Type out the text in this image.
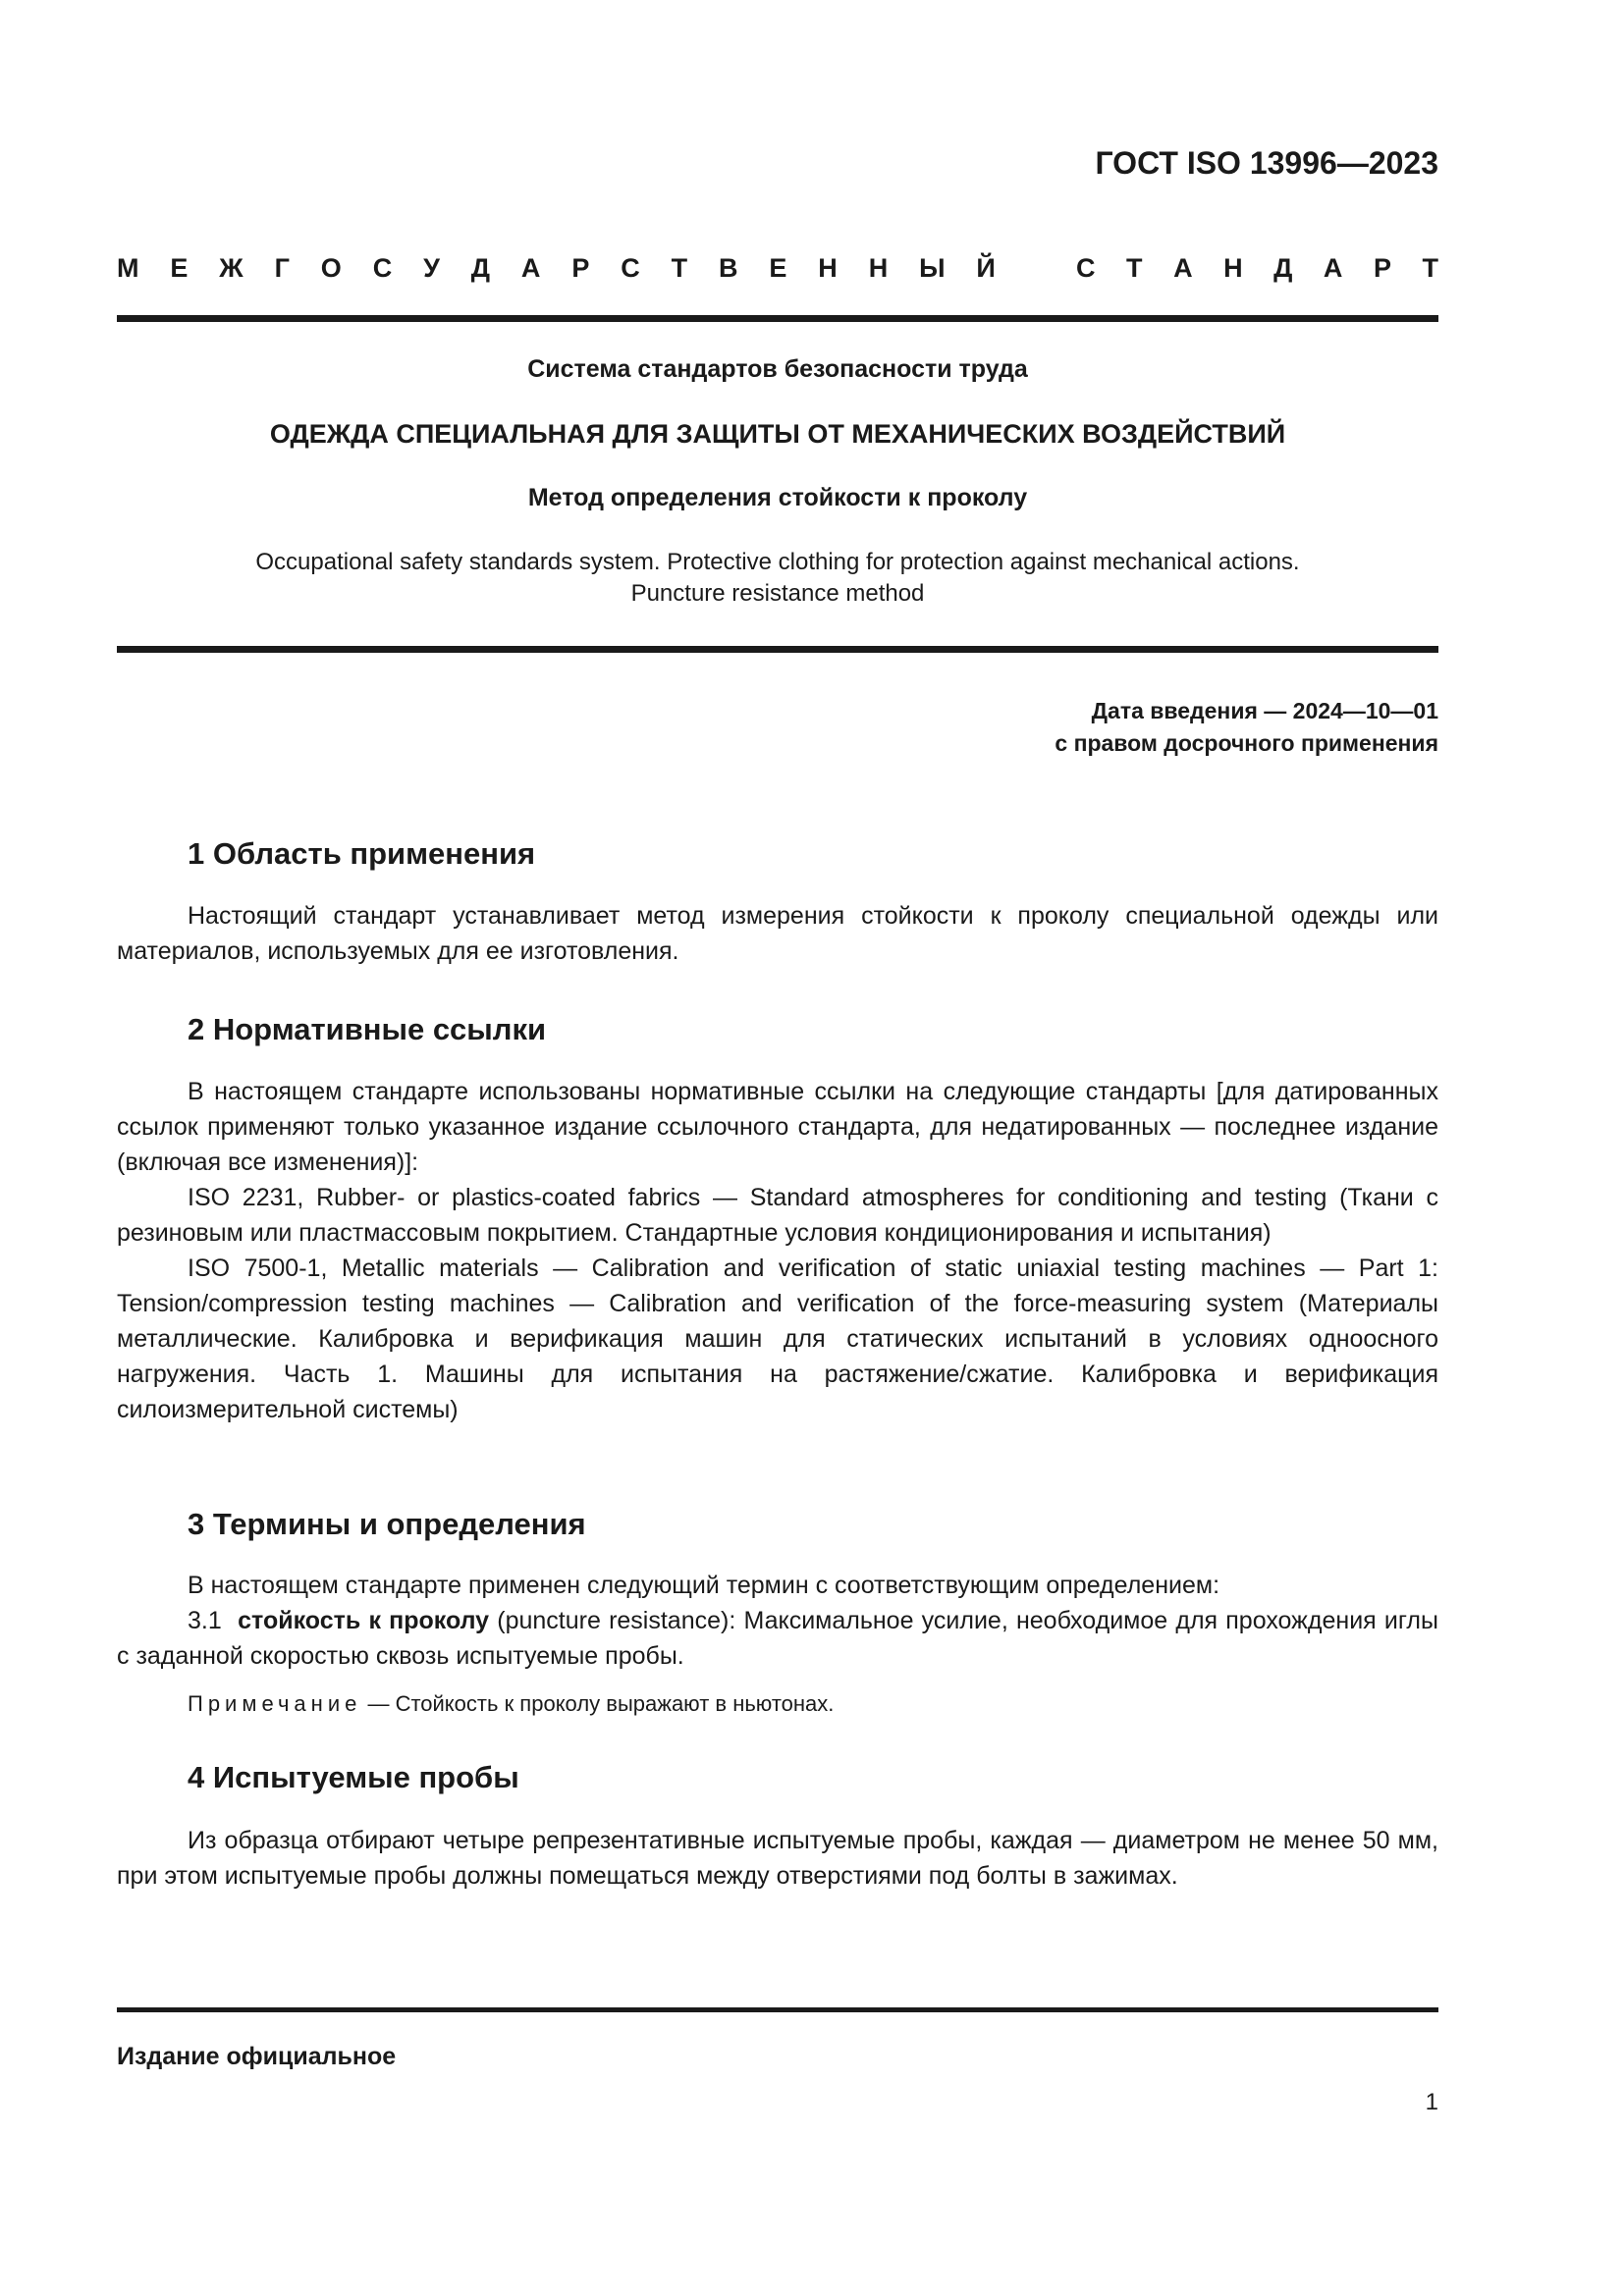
ГОСТ ISO 13996—2023
М Е Ж Г О С У Д А Р С Т В Е Н Н Ы Й	С Т А Н Д А Р Т
Система стандартов безопасности труда
ОДЕЖДА СПЕЦИАЛЬНАЯ ДЛЯ ЗАЩИТЫ ОТ МЕХАНИЧЕСКИХ ВОЗДЕЙСТВИЙ
Метод определения стойкости к проколу
Occupational safety standards system. Protective clothing for protection against mechanical actions.
Puncture resistance method
Дата введения — 2024—10—01
с правом досрочного применения
1 Область применения

Настоящий стандарт устанавливает метод измерения стойкости к проколу специальной одежды или материалов, используемых для ее изготовления.

2 Нормативные ссылки

В настоящем стандарте использованы нормативные ссылки на следующие стандарты [для датированных ссылок применяют только указанное издание ссылочного стандарта, для недатированных — последнее издание (включая все изменения)]:

ISO 2231, Rubber- or plastics-coated fabrics — Standard atmospheres for conditioning and testing (Ткани с резиновым или пластмассовым покрытием. Стандартные условия кондиционирования и испытания)

ISO 7500-1, Metallic materials — Calibration and verification of static uniaxial testing machines — Part 1: Tension/compression testing machines — Calibration and verification of the force-measuring system (Материалы металлические. Калибровка и верификация машин для статических испытаний в условиях одноосного нагружения. Часть 1. Машины для испытания на растяжение/сжатие. Калибровка и верификация силоизмерительной системы)

3 Термины и определения

В настоящем стандарте применен следующий термин с соответствующим определением:

3.1 стойкость к проколу (puncture resistance): Максимальное усилие, необходимое для прохождения иглы с заданной скоростью сквозь испытуемые пробы.

Примечание — Стойкость к проколу выражают в ньютонах.
4 Испытуемые пробы

Из образца отбирают четыре репрезентативные испытуемые пробы, каждая — диаметром не менее 50 мм, при этом испытуемые пробы должны помещаться между отверстиями под болты в зажимах.

Издание официальное
1
